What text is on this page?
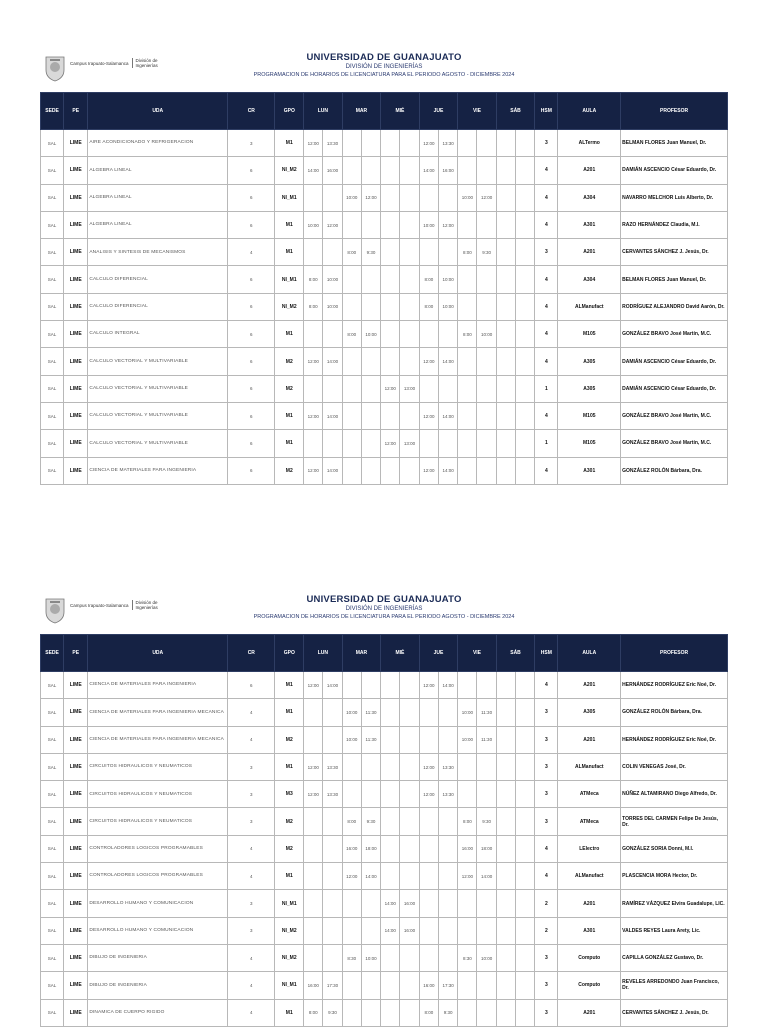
Campus Irapuato-Salamanca División de Ingenierías
UNIVERSIDAD DE GUANAJUATO
DIVISIÓN DE INGENIERÍAS
PROGRAMACION DE HORARIOS DE LICENCIATURA PARA EL PERIODO AGOSTO - DICIEMBRE 2024
SEDE	PE	UDA	CR	GPO	LUN		MAR		MIÉ		JUE		VIE		SÁB		HSM	AULA	PROFESOR
SAL	LIME	AIRE ACONDICIONADO Y REFRIGERACION	3	M1	12:00	13:30					12:00	13:30					3	ALTermo	BELMAN FLORES Juan Manuel, Dr.
SAL	LIME	ALGEBRA LINEAL	6	NI_M2	14:00	16:00					14:00	16:00					4	A201	DAMIÁN ASCENCIO César Eduardo, Dr.
SAL	LIME	ALGEBRA LINEAL	6	NI_M1			10:00	12:00					10:00	12:00			4	A304	NAVARRO MELCHOR Luis Alberto, Dr.
SAL	LIME	ALGEBRA LINEAL	6	M1	10:00	12:00					10:00	12:00					4	A301	RAZO HERNÁNDEZ Claudia, M.I.
SAL	LIME	ANALISIS Y SINTESIS DE MECANISMOS	4	M1			8:00	9:30					8:00	9:30			3	A201	CERVANTES SÁNCHEZ J. Jesús, Dr.
SAL	LIME	CALCULO DIFERENCIAL	6	NI_M1	8:00	10:00					8:00	10:00					4	A304	BELMAN FLORES Juan Manuel, Dr.
SAL	LIME	CALCULO DIFERENCIAL	6	NI_M2	8:00	10:00					8:00	10:00					4	ALManufact	RODRÍGUEZ ALEJANDRO David Aarón, Dr.
SAL	LIME	CALCULO INTEGRAL	6	M1			8:00	10:00					8:00	10:00			4	M105	GONZÁLEZ BRAVO José Martín, M.C.
SAL	LIME	CALCULO VECTORIAL Y MULTIVARIABLE	6	M2	12:00	14:00					12:00	14:00					4	A305	DAMIÁN ASCENCIO César Eduardo, Dr.
SAL	LIME	CALCULO VECTORIAL Y MULTIVARIABLE	6	M2					12:00	13:00							1	A305	DAMIÁN ASCENCIO César Eduardo, Dr.
SAL	LIME	CALCULO VECTORIAL Y MULTIVARIABLE	6	M1	12:00	14:00					12:00	14:00					4	M105	GONZÁLEZ BRAVO José Martín, M.C.
SAL	LIME	CALCULO VECTORIAL Y MULTIVARIABLE	6	M1					12:00	13:00							1	M105	GONZÁLEZ BRAVO José Martín, M.C.
SAL	LIME	CIENCIA DE MATERIALES PARA INGENIERIA	6	M2	12:00	14:00					12:00	14:00					4	A301	GONZÁLEZ ROLÓN Bárbara, Dra.
Campus Irapuato-Salamanca División de Ingenierías
UNIVERSIDAD DE GUANAJUATO
DIVISIÓN DE INGENIERÍAS
PROGRAMACION DE HORARIOS DE LICENCIATURA PARA EL PERIODO AGOSTO - DICIEMBRE 2024
SEDE	PE	UDA	CR	GPO	LUN		MAR		MIÉ		JUE		VIE		SÁB		HSM	AULA	PROFESOR
SAL	LIME	CIENCIA DE MATERIALES PARA INGENIERIA	6	M1	12:00	14:00					12:00	14:00					4	A201	HERNÁNDEZ RODRÍGUEZ Eric Noé, Dr.
SAL	LIME	CIENCIA DE MATERIALES PARA INGENIERIA MECANICA	4	M1			10:00	11:30					10:00	11:30			3	A305	GONZÁLEZ ROLÓN Bárbara, Dra.
SAL	LIME	CIENCIA DE MATERIALES PARA INGENIERIA MECANICA	4	M2			10:00	11:30					10:00	11:30			3	A201	HERNÁNDEZ RODRÍGUEZ Eric Noé, Dr.
SAL	LIME	CIRCUITOS HIDRAULICOS Y NEUMATICOS	3	M1	12:00	13:30					12:00	13:30					3	ALManufact	COLIN VENEGAS José, Dr.
SAL	LIME	CIRCUITOS HIDRAULICOS Y NEUMATICOS	3	M3	12:00	13:30					12:00	13:30					3	ATMeca	NÚÑEZ ALTAMIRANO Diego Alfredo, Dr.
SAL	LIME	CIRCUITOS HIDRAULICOS Y NEUMATICOS	3	M2			8:00	9:30					8:00	9:30			3	ATMeca	TORRES DEL CARMEN Felipe De Jesús, Dr.
SAL	LIME	CONTROLADORES LOGICOS PROGRAMABLES	4	M2			16:00	18:00					16:00	18:00			4	LElectro	GONZÁLEZ SORIA Donni, M.I.
SAL	LIME	CONTROLADORES LOGICOS PROGRAMABLES	4	M1			12:00	14:00					12:00	14:00			4	ALManufact	PLASCENCIA MORA Hector, Dr.
SAL	LIME	DESARROLLO HUMANO Y COMUNICACION	3	NI_M1					14:00	16:00							2	A201	RAMÍREZ VÁZQUEZ Elvira Guadalupe, LIC.
SAL	LIME	DESARROLLO HUMANO Y COMUNICACION	3	NI_M2					14:00	16:00							2	A301	VALDES REYES Laura Arety, Lic.
SAL	LIME	DIBUJO DE INGENIERIA	4	NI_M2			8:30	10:00					8:30	10:00			3	Computo	CAPILLA GONZÁLEZ Gustavo, Dr.
SAL	LIME	DIBUJO DE INGENIERIA	4	NI_M1	16:00	17:30					16:00	17:30					3	Computo	REVELES ARREDONDO Juan Francisco, Dr.
SAL	LIME	DINAMICA DE CUERPO RIGIDO	4	M1	8:00	9:30					8:00	9:30					3	A201	CERVANTES SÁNCHEZ J. Jesús, Dr.
